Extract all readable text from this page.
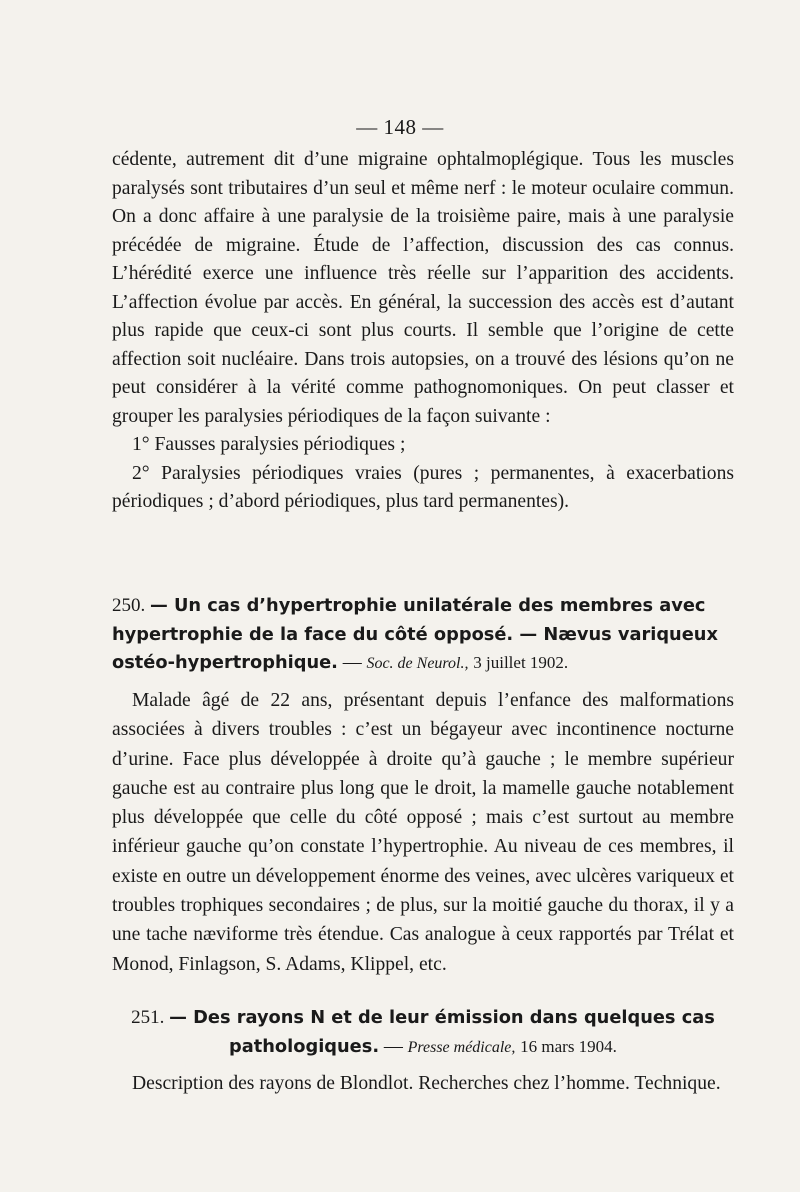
— 148 —

cédente, autrement dit d’une migraine ophtalmoplégique. Tous les muscles paralysés sont tributaires d’un seul et même nerf : le moteur oculaire commun. On a donc affaire à une paralysie de la troisième paire, mais à une paralysie précédée de migraine. Étude de l’affection, discussion des cas connus. L’hérédité exerce une influence très réelle sur l’apparition des accidents. L’affection évolue par accès. En général, la succession des accès est d’autant plus rapide que ceux-ci sont plus courts. Il semble que l’origine de cette affection soit nucléaire. Dans trois autopsies, on a trouvé des lésions qu’on ne peut considérer à la vérité comme pathognomoniques. On peut classer et grouper les paralysies périodiques de la façon suivante :

1° Fausses paralysies périodiques ;

2° Paralysies périodiques vraies (pures ; permanentes, à exacerbations périodiques ; d’abord périodiques, plus tard permanentes).

250. — Un cas d’hypertrophie unilatérale des membres avec hypertrophie de la face du côté opposé. — Nævus variqueux ostéo-hypertrophique. — Soc. de Neurol., 3 juillet 1902.
Malade âgé de 22 ans, présentant depuis l’enfance des malformations associées à divers troubles : c’est un bégayeur avec incontinence nocturne d’urine. Face plus développée à droite qu’à gauche ; le membre supérieur gauche est au contraire plus long que le droit, la mamelle gauche notablement plus développée que celle du côté opposé ; mais c’est surtout au membre inférieur gauche qu’on constate l’hypertrophie. Au niveau de ces membres, il existe en outre un développement énorme des veines, avec ulcères variqueux et troubles trophiques secondaires ; de plus, sur la moitié gauche du thorax, il y a une tache næviforme très étendue. Cas analogue à ceux rapportés par Trélat et Monod, Finlagson, S. Adams, Klippel, etc.
251. — Des rayons N et de leur émission dans quelques cas pathologiques. — Presse médicale, 16 mars 1904.
Description des rayons de Blondlot. Recherches chez l’homme. Technique.
